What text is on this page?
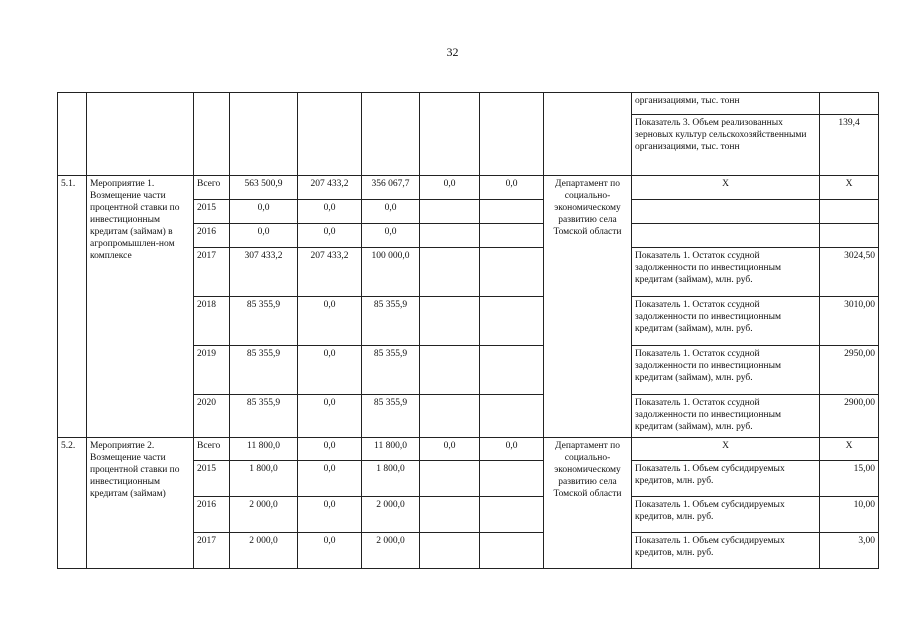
32
									организациями, тыс. тонн	
									Показатель 3. Объем реализованных зерновых культур сельскохозяйственными организациями, тыс. тонн	139,4
5.1.	Мероприятие 1. Возмещение части процентной ставки по инвестиционным кредитам (займам) в агропромышлен-ном комплексе	Всего	563 500,9	207 433,2	356 067,7	0,0	0,0	Департамент по социально-экономическому развитию села Томской области	Х	Х
		2015	0,0	0,0	0,0					
		2016	0,0	0,0	0,0					
		2017	307 433,2	207 433,2	100 000,0				Показатель 1. Остаток ссудной задолженности по инвестиционным кредитам (займам), млн. руб.	3024,50
		2018	85 355,9	0,0	85 355,9				Показатель 1. Остаток ссудной задолженности по инвестиционным кредитам (займам), млн. руб.	3010,00
		2019	85 355,9	0,0	85 355,9				Показатель 1. Остаток ссудной задолженности по инвестиционным кредитам (займам), млн. руб.	2950,00
		2020	85 355,9	0,0	85 355,9				Показатель 1. Остаток ссудной задолженности по инвестиционным кредитам (займам), млн. руб.	2900,00
5.2.	Мероприятие 2. Возмещение части процентной ставки по инвестиционным кредитам (займам)	Всего	11 800,0	0,0	11 800,0	0,0	0,0	Департамент по социально-экономическому развитию села Томской области	Х	Х
		2015	1 800,0	0,0	1 800,0				Показатель 1. Объем субсидируемых кредитов, млн. руб.	15,00
		2016	2 000,0	0,0	2 000,0				Показатель 1. Объем субсидируемых кредитов, млн. руб.	10,00
		2017	2 000,0	0,0	2 000,0				Показатель 1. Объем субсидируемых кредитов, млн. руб.	3,00
